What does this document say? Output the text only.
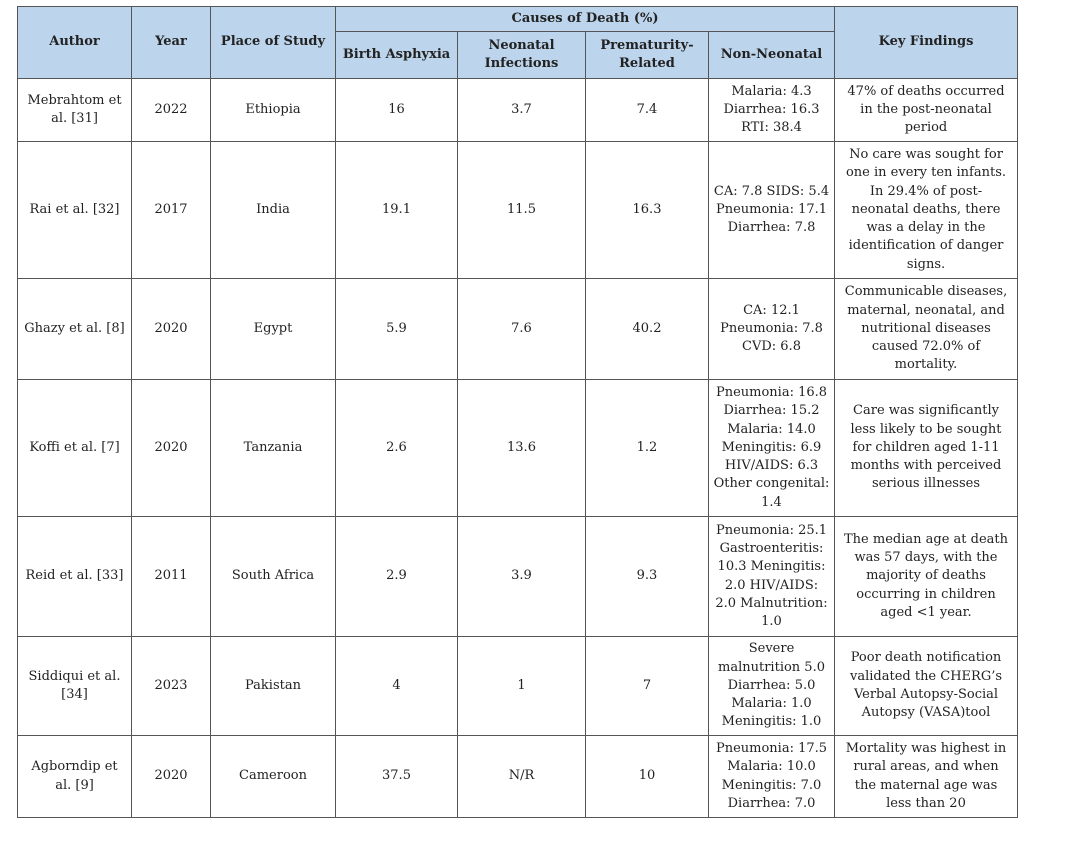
Author	Year	Place of Study	Causes of Death (%)				Key Findings
			Birth Asphyxia	Neonatal Infections	Prematurity-Related	Non-Neonatal	
Mebrahtom et al. [31]	2022	Ethiopia	16	3.7	7.4	Malaria: 4.3 Diarrhea: 16.3 RTI: 38.4	47% of deaths occurred in the post-neonatal period
Rai et al. [32]	2017	India	19.1	11.5	16.3	CA: 7.8 SIDS: 5.4 Pneumonia: 17.1 Diarrhea: 7.8	No care was sought for one in every ten infants. In 29.4% of post-neonatal deaths, there was a delay in the identification of danger signs.
Ghazy et al. [8]	2020	Egypt	5.9	7.6	40.2	CA: 12.1 Pneumonia: 7.8 CVD: 6.8	Communicable diseases, maternal, neonatal, and nutritional diseases caused 72.0% of mortality.
Koffi et al. [7]	2020	Tanzania	2.6	13.6	1.2	Pneumonia: 16.8 Diarrhea: 15.2 Malaria: 14.0 Meningitis: 6.9 HIV/AIDS: 6.3 Other congenital: 1.4	Care was significantly less likely to be sought for children aged 1-11 months with perceived serious illnesses
Reid et al. [33]	2011	South Africa	2.9	3.9	9.3	Pneumonia: 25.1 Gastroenteritis: 10.3 Meningitis: 2.0 HIV/AIDS: 2.0 Malnutrition: 1.0	The median age at death was 57 days, with the majority of deaths occurring in children aged <1 year.
Siddiqui et al. [34]	2023	Pakistan	4	1	7	Severe malnutrition 5.0 Diarrhea: 5.0 Malaria: 1.0 Meningitis: 1.0	Poor death notification validated the CHERG’s Verbal Autopsy-Social Autopsy (VASA)tool
Agborndip et al. [9]	2020	Cameroon	37.5	N/R	10	Pneumonia: 17.5 Malaria: 10.0 Meningitis: 7.0 Diarrhea: 7.0	Mortality was highest in rural areas, and when the maternal age was less than 20
